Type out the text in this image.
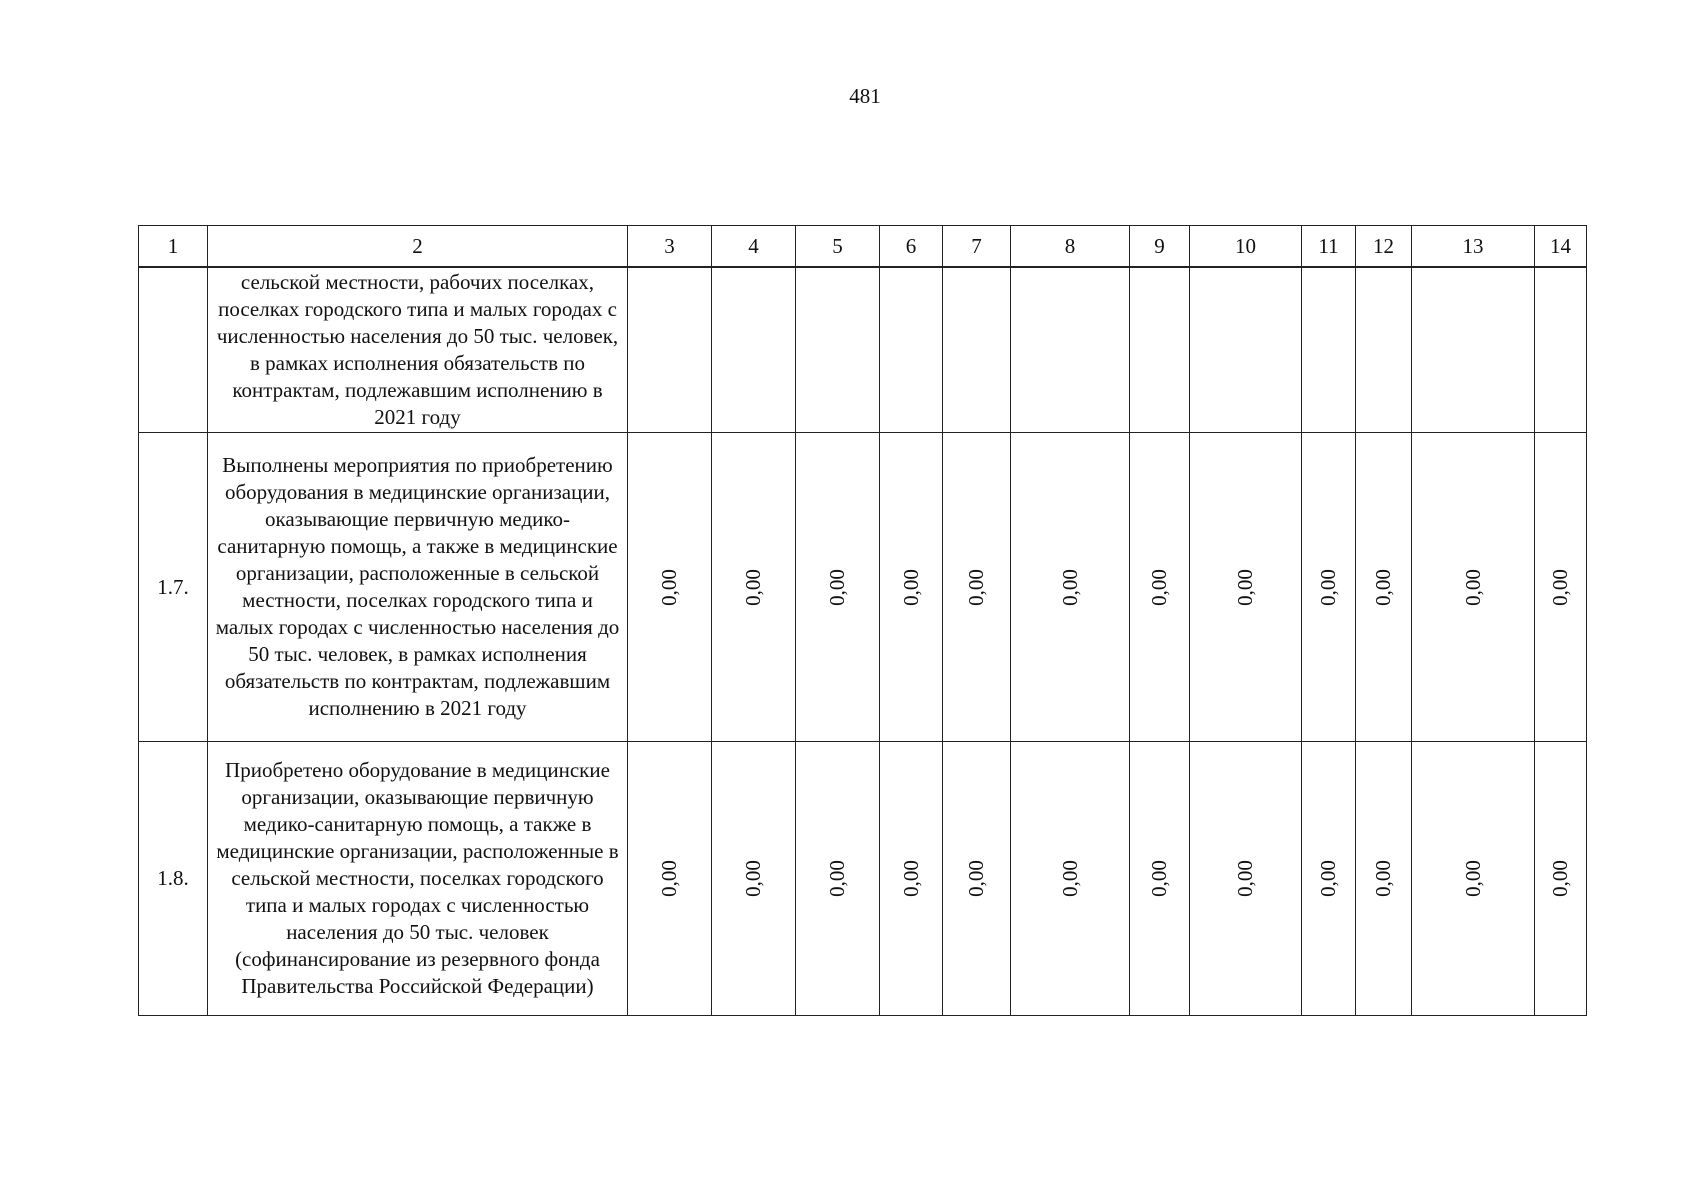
481
1	2	3	4	5	6	7	8	9	10	11	12	13	14
	сельской местности, рабочих поселках, поселках городского типа и малых городах с численностью населения до 50 тыс. человек, в рамках исполнения обязательств по контрактам, подлежавшим исполнению в 2021 году												
1.7.	Выполнены мероприятия по приобретению оборудования в медицинские организации, оказывающие первичную медико-санитарную помощь, а также в медицинские организации, расположенные в сельской местности, поселках городского типа и малых городах с численностью населения до 50 тыс. человек, в рамках исполнения обязательств по контрактам, подлежавшим исполнению в 2021 году	0,00	0,00	0,00	0,00	0,00	0,00	0,00	0,00	0,00	0,00	0,00	0,00
1.8.	Приобретено оборудование в медицинские организации, оказывающие первичную медико-санитарную помощь, а также в медицинские организации, расположенные в сельской местности, поселках городского типа и малых городах с численностью населения до 50 тыс. человек (софинансирование из резервного фонда Правительства Российской Федерации)	0,00	0,00	0,00	0,00	0,00	0,00	0,00	0,00	0,00	0,00	0,00	0,00
